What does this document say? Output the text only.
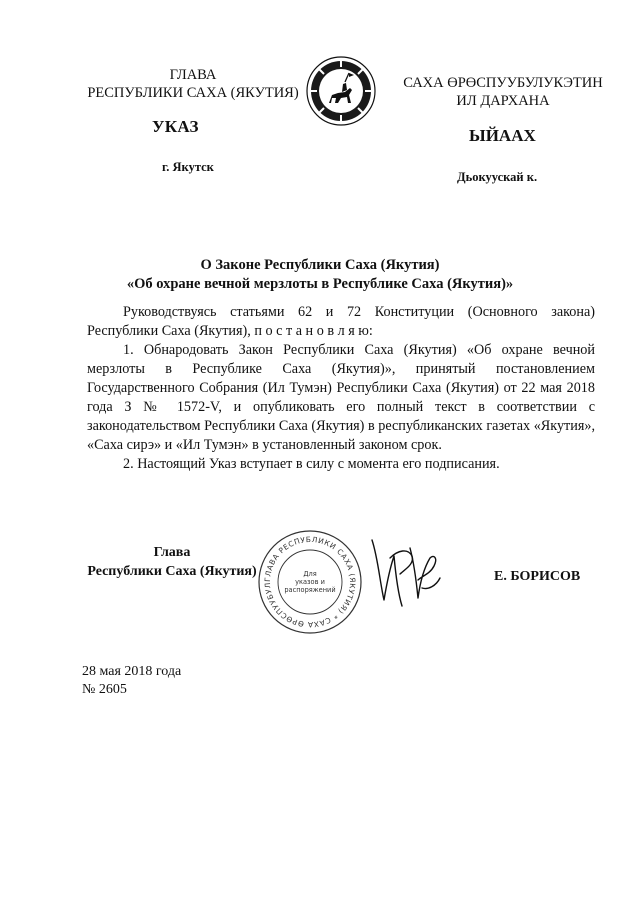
ГЛАВА
РЕСПУБЛИКИ САХА (ЯКУТИЯ)
САХА ӨРӨСПУУБУЛУКЭТИН
ИЛ ДАРХАНА
УКАЗ	ЫЙААХ
г. Якутск
Дьокуускай к.
О Законе Республики Саха (Якутия)
«Об охране вечной мерзлоты в Республике Саха (Якутия)»

Руководствуясь статьями 62 и 72 Конституции (Основного закона) Республики Саха (Якутия), п о с т а н о в л я ю:

1. Обнародовать Закон Республики Саха (Якутия) «Об охране вечной мерзлоты в Республике Саха (Якутия)», принятый постановлением Государственного Собрания (Ил Тумэн) Республики Саха (Якутия) от 22 мая 2018 года З № 1572-V, и опубликовать его полный текст в соответствии с законодательством Республики Саха (Якутия) в республиканских газетах «Якутия», «Саха сирэ» и «Ил Тумэн» в установленный законом срок.

2. Настоящий Указ вступает в силу с момента его подписания.

Глава
Республики Саха (Якутия)
ГЛАВА РЕСПУБЛИКИ САХА (ЯКУТИЯ) * САХА ӨРӨСПУУБУЛ
Для
указов и
распоряжений
Е. БОРИСОВ
28 мая 2018 года
№ 2605
